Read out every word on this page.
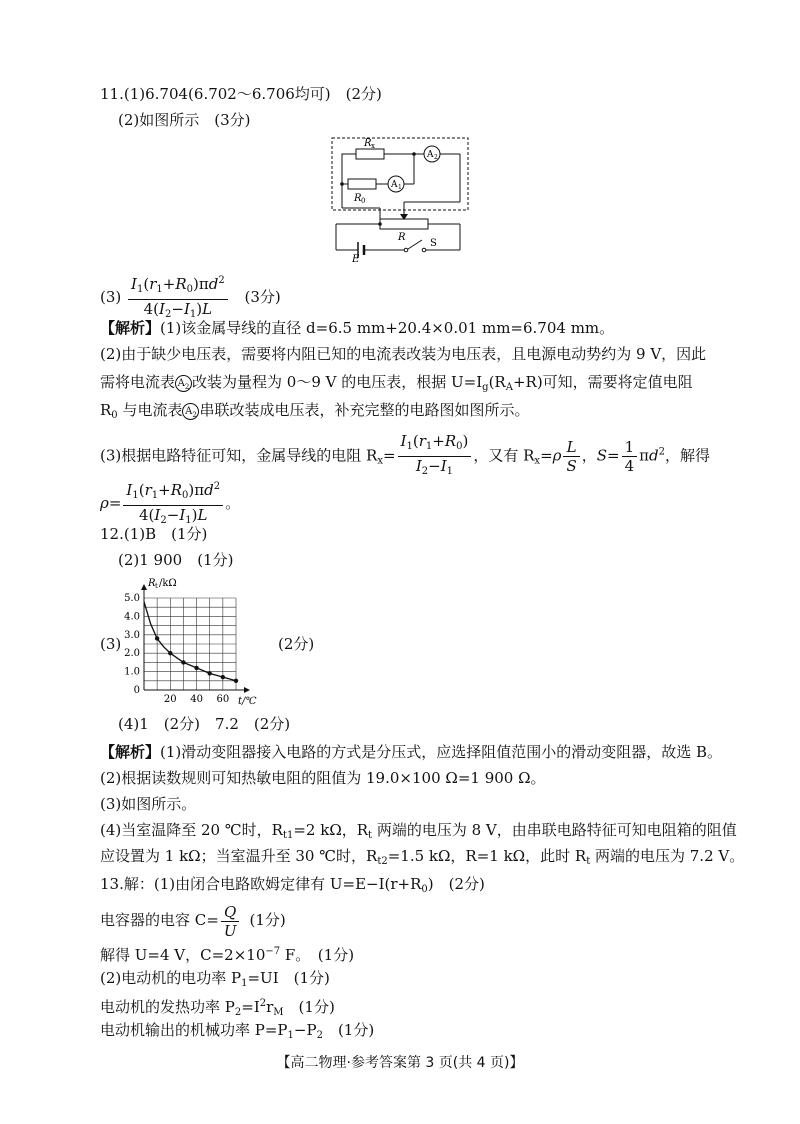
11.(1)6.704(6.702～6.706均可)　(2分)
(2)如图所示　(3分)
R x
A 2
A 1
R 0
R
E
S
$(3) \frac{I_1(r_1+R_0)\pi d^2}{4(I_2-I_1)L} (3$分)
【解析】(1)该金属导线的直径 d=6.5 mm+20.4×0.01 mm=6.704 mm。
(2)由于缺少电压表，需要将内阻已知的电流表改装为电压表，且电源电动势约为 9 V，因此
需将电流表 $A_2$ 改装为量程为 0～9 V 的电压表，根据 $U=I_g(R_A+R)$可知，需要将定值电阻
$R_0$ 与电流表 $A_2$ 串联改装成电压表，补充完整的电路图如图所示。
(3)根据电路特征可知，金属导线的电阻 $R_x= \frac{I_1(r_1+R_0)}{I_2-I_1}$ ，又有 $R_x=\rho \frac{L}{S}$ ，$S= \frac{1}{4} \pi d^2$，解得
$\rho= \frac{I_1(r_1+R_0)\pi d^2}{4(I_2-I_1)L}$ 。
12.(1)B　(1分)
(2)1 900　(1分)
(3)
0
1.0
2.0
3.0
4.0
5.0
20 40 60
R t /kΩ
t/℃
(2分)
(4)1　(2分)　7.2　(2分)
【解析】(1)滑动变阻器接入电路的方式是分压式，应选择阻值范围小的滑动变阻器，故选 B。
(2)根据读数规则可知热敏电阻的阻值为 19.0×100 Ω=1 900 Ω。
(3)如图所示。
(4)当室温降至 20 ℃时，$R_{t1}=2$ kΩ，$R_t$ 两端的电压为 8 V，由串联电路特征可知电阻箱的阻值
应设置为 1 kΩ；当室温升至 30 ℃时，$R_{t2}=1.5$ kΩ，R=1 kΩ，此时 $R_t$ 两端的电压为 7.2 V。
13.解：(1)由闭合电路欧姆定律有 $U=E-I(r+R_0)$　(2分)
电容器的电容 $C= \frac{Q}{U} (1$分)
解得 U=4 V，$C=2\times 10^{-7}$ F。　(1分)
(2)电动机的电功率 $P_1=UI$　(1分)
电动机的发热功率 $P_2=I^2r_M$　(1分)
电动机输出的机械功率 $P=P_1-P_2$　(1分)
【高二物理·参考答案第 3 页(共 4 页)】
